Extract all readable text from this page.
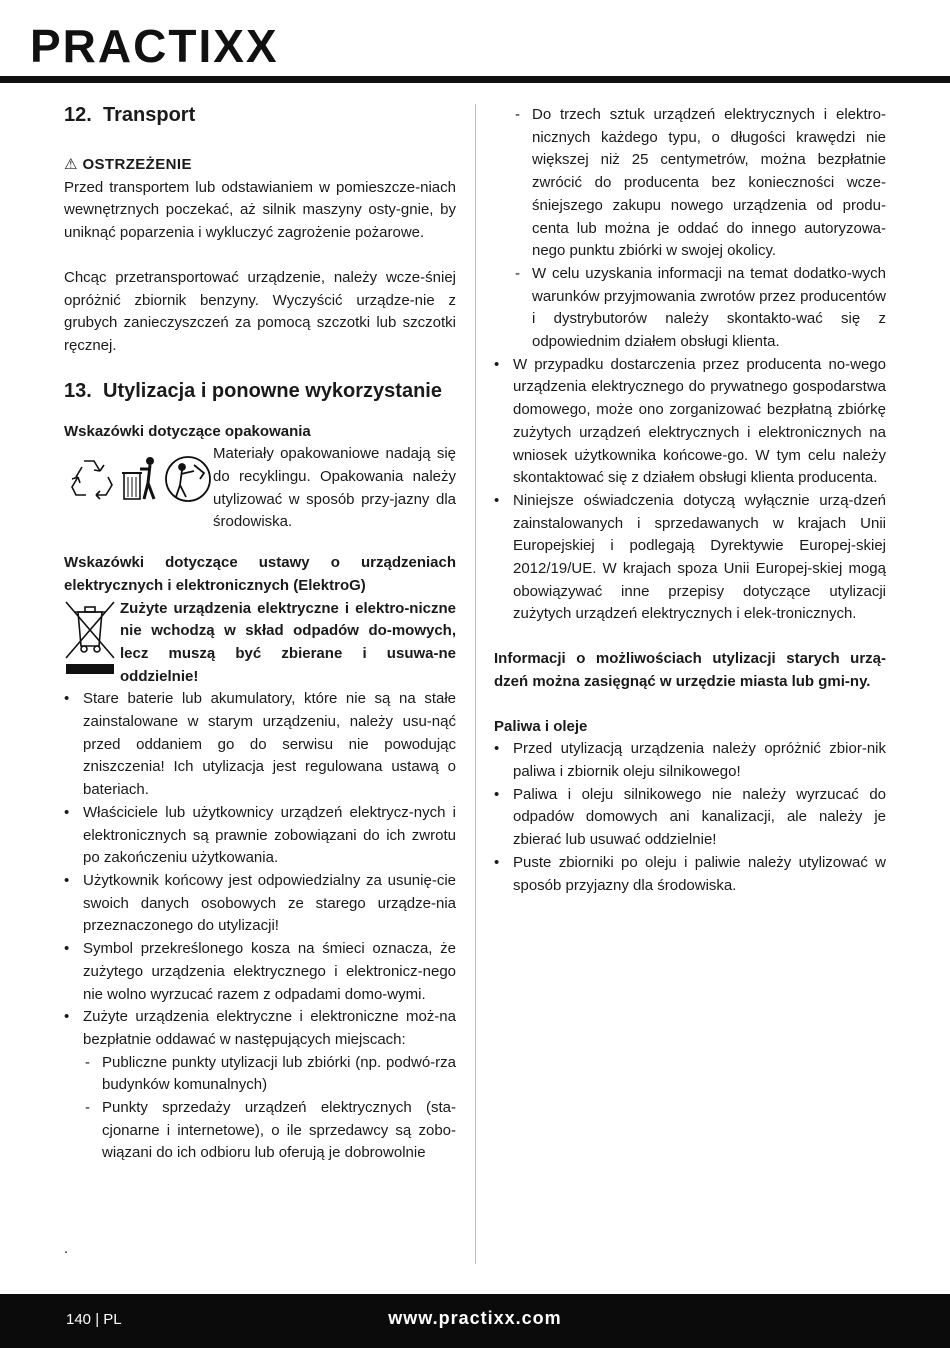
PRACTIXX
12. Transport

⚠ OSTRZEŻENIE

Przed transportem lub odstawianiem w pomieszcze-niach wewnętrznych poczekać, aż silnik maszyny osty-gnie, by uniknąć poparzenia i wykluczyć zagrożenie pożarowe.

Chcąc przetransportować urządzenie, należy wcze-śniej opróżnić zbiornik benzyny. Wyczyścić urządze-nie z grubych zanieczyszczeń za pomocą szczotki lub szczotki ręcznej.

13. Utylizacja i ponowne wykorzystanie

Wskazówki dotyczące opakowania

Materiały opakowaniowe nadają się do recyklingu. Opakowania należy utylizować w sposób przy-jazny dla środowiska.

Wskazówki dotyczące ustawy o urządzeniach elektrycznych i elektronicznych (ElektroG)

Zużyte urządzenia elektryczne i elektro-niczne nie wchodzą w skład odpadów do-mowych, lecz muszą być zbierane i usuwa-ne oddzielnie!

• Stare baterie lub akumulatory, które nie są na stałe zainstalowane w starym urządzeniu, należy usu-nąć przed oddaniem go do serwisu nie powodując zniszczenia! Ich utylizacja jest regulowana ustawą o bateriach.
• Właściciele lub użytkownicy urządzeń elektrycz-nych i elektronicznych są prawnie zobowiązani do ich zwrotu po zakończeniu użytkowania.
• Użytkownik końcowy jest odpowiedzialny za usunię-cie swoich danych osobowych ze starego urządze-nia przeznaczonego do utylizacji!
• Symbol przekreślonego kosza na śmieci oznacza, że zużytego urządzenia elektrycznego i elektronicz-nego nie wolno wyrzucać razem z odpadami domo-wymi.
• Zużyte urządzenia elektryczne i elektroniczne moż-na bezpłatnie oddawać w następujących miejscach:
- Publiczne punkty utylizacji lub zbiórki (np. podwó-rza budynków komunalnych)
- Punkty sprzedaży urządzeń elektrycznych (sta-cjonarne i internetowe), o ile sprzedawcy są zobo-wiązani do ich odbioru lub oferują je dobrowolnie
.
- Do trzech sztuk urządzeń elektrycznych i elektro-nicznych każdego typu, o długości krawędzi nie większej niż 25 centymetrów, można bezpłatnie zwrócić do producenta bez konieczności wcze-śniejszego zakupu nowego urządzenia od produ-centa lub można je oddać do innego autoryzowa-nego punktu zbiórki w swojej okolicy.
- W celu uzyskania informacji na temat dodatko-wych warunków przyjmowania zwrotów przez producentów i dystrybutorów należy skontakto-wać się z odpowiednim działem obsługi klienta.
• W przypadku dostarczenia przez producenta no-wego urządzenia elektrycznego do prywatnego gospodarstwa domowego, może ono zorganizować bezpłatną zbiórkę zużytych urządzeń elektrycznych i elektronicznych na wniosek użytkownika końcowe-go. W tym celu należy skontaktować się z działem obsługi klienta producenta.
• Niniejsze oświadczenia dotyczą wyłącznie urzą-dzeń zainstalowanych i sprzedawanych w krajach Unii Europejskiej i podlegają Dyrektywie Europej-skiej 2012/19/UE. W krajach spoza Unii Europej-skiej mogą obowiązywać inne przepisy dotyczące utylizacji zużytych urządzeń elektrycznych i elek-tronicznych.

Informacji o możliwościach utylizacji starych urzą-dzeń można zasięgnąć w urzędzie miasta lub gmi-ny.

Paliwa i oleje

• Przed utylizacją urządzenia należy opróżnić zbior-nik paliwa i zbiornik oleju silnikowego!
• Paliwa i oleju silnikowego nie należy wyrzucać do odpadów domowych ani kanalizacji, ale należy je zbierać lub usuwać oddzielnie!
• Puste zbiorniki po oleju i paliwie należy utylizować w sposób przyjazny dla środowiska.
140 | PL	www.practixx.com
